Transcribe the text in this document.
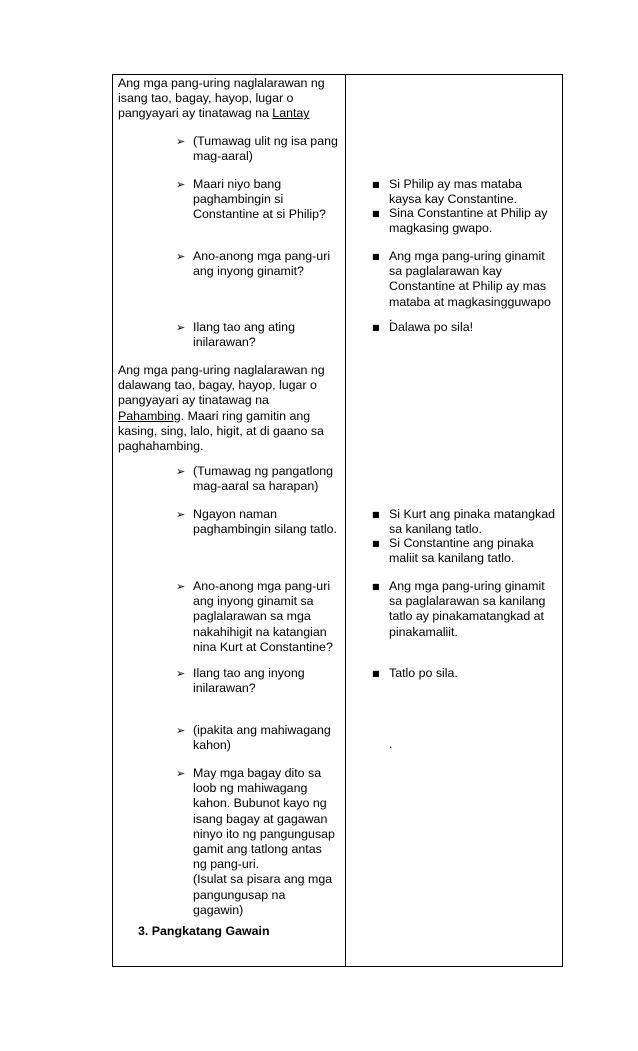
Ang mga pang-uring naglalarawan ng
isang tao, bagay, hayop, lugar o
pangyayari ay tinatawag na Lantay
➢ (Tumawag ulit ng isa pang
mag-aaral)
➢ Maari niyo bang
paghambingin si
Constantine at si Philip?
➢ Ano-anong mga pang-uri
ang inyong ginamit?
➢ Ilang tao ang ating
inilarawan?
Ang mga pang-uring naglalarawan ng
dalawang tao, bagay, hayop, lugar o
pangyayari ay tinatawag na
Pahambing. Maari ring gamitin ang
kasing, sing, lalo, higit, at di gaano sa
paghahambing.
➢ (Tumawag ng pangatlong
mag-aaral sa harapan)
➢ Ngayon naman
paghambingin silang tatlo.
➢ Ano-anong mga pang-uri
ang inyong ginamit sa
paglalarawan sa mga
nakahihigit na katangian
nina Kurt at Constantine?
➢ Ilang tao ang inyong
inilarawan?
➢ (ipakita ang mahiwagang
kahon)
➢ May mga bagay dito sa
loob ng mahiwagang
kahon. Bubunot kayo ng
isang bagay at gagawan
ninyo ito ng pangungusap
gamit ang tatlong antas
ng pang-uri.
(Isulat sa pisara ang mga
pangungusap na
gagawin)
3. Pangkatang Gawain
■ Si Philip ay mas mataba
kaysa kay Constantine.
■ Sina Constantine at Philip ay
magkasing gwapo.
■ Ang mga pang-uring ginamit
sa paglalarawan kay
Constantine at Philip ay mas
mataba at magkasingguwapo
.
■ Dalawa po sila!
■ Si Kurt ang pinaka matangkad
sa kanilang tatlo.
■ Si Constantine ang pinaka
maliit sa kanilang tatlo.
■ Ang mga pang-uring ginamit
sa paglalarawan sa kanilang
tatlo ay pinakamatangkad at
pinakamaliit.
■ Tatlo po sila.
.
